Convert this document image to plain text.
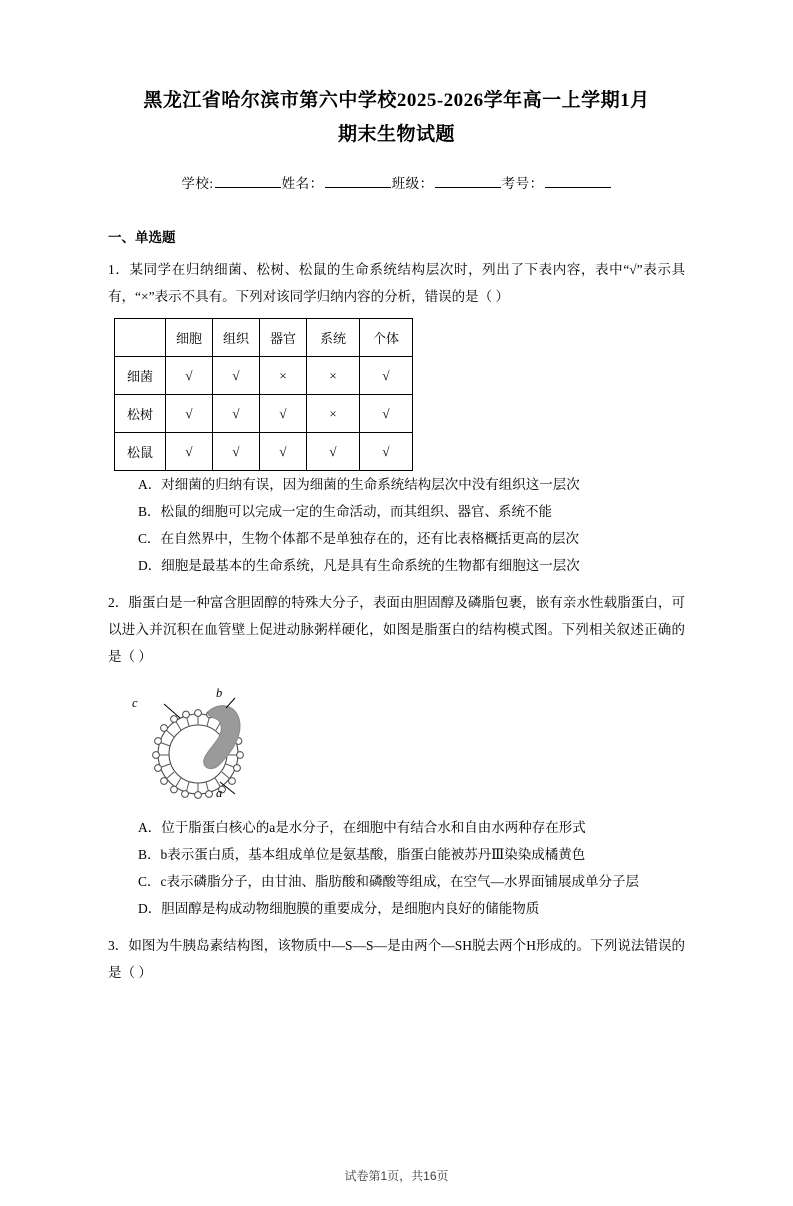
黑龙江省哈尔滨市第六中学校2025-2026学年高一上学期1月
期末生物试题
学校:	姓名：	班级：	考号：
一、单选题
1．某同学在归纳细菌、松树、松鼠的生命系统结构层次时，列出了下表内容，表中“√”表示具有，“×”表示不具有。下列对该同学归纳内容的分析，错误的是（ ）
	细胞	组织	器官	系统	个体
细菌	√	√	×	×	√
松树	√	√	√	×	√
松鼠	√	√	√	√	√
A．对细菌的归纳有误，因为细菌的生命系统结构层次中没有组织这一层次
B．松鼠的细胞可以完成一定的生命活动，而其组织、器官、系统不能
C．在自然界中，生物个体都不是单独存在的，还有比表格概括更高的层次
D．细胞是最基本的生命系统，凡是具有生命系统的生物都有细胞这一层次
2．脂蛋白是一种富含胆固醇的特殊大分子，表面由胆固醇及磷脂包裹，嵌有亲水性载脂蛋白，可以进入并沉积在血管壁上促进动脉粥样硬化，如图是脂蛋白的结构模式图。下列相关叙述正确的是（ ）
c
b
a
A．位于脂蛋白核心的a是水分子，在细胞中有结合水和自由水两种存在形式
B．b表示蛋白质，基本组成单位是氨基酸，脂蛋白能被苏丹Ⅲ染染成橘黄色
C．c表示磷脂分子，由甘油、脂肪酸和磷酸等组成，在空气—水界面铺展成单分子层
D．胆固醇是构成动物细胞膜的重要成分，是细胞内良好的储能物质
3．如图为牛胰岛素结构图，该物质中—S—S—是由两个—SH脱去两个H形成的。下列说法错误的是（ ）
试卷第1页，共16页
